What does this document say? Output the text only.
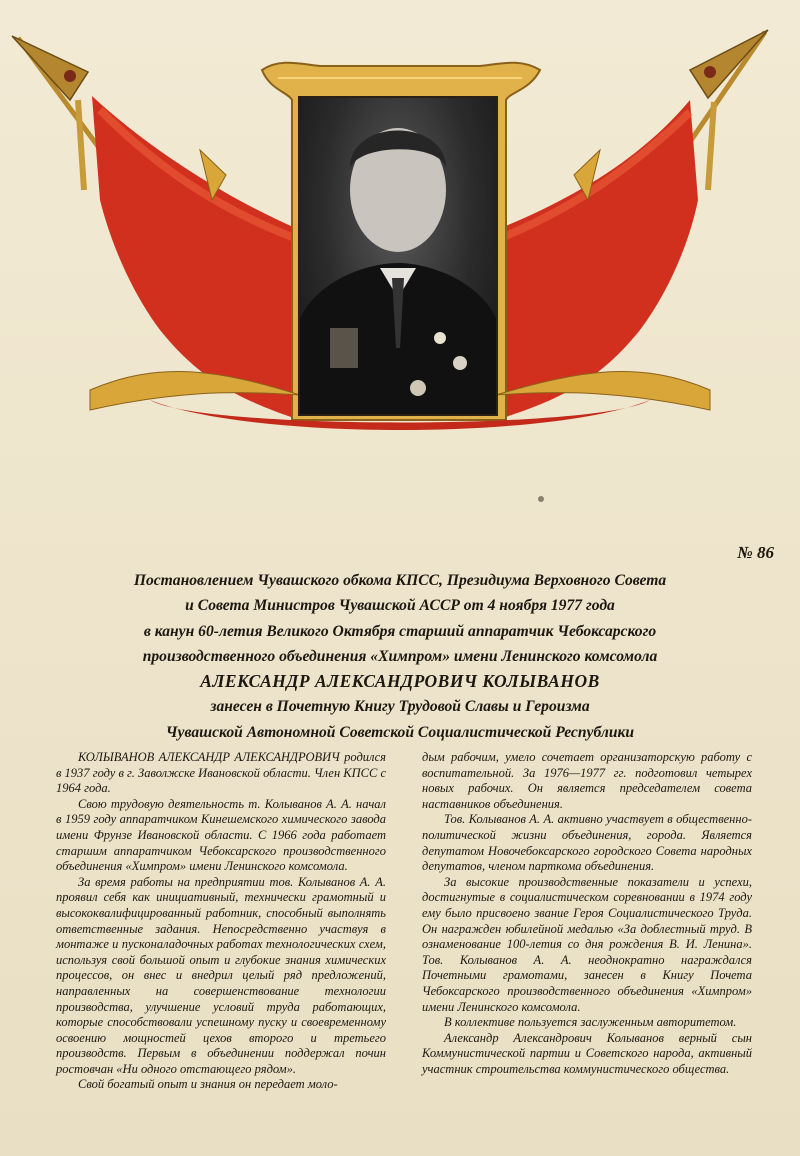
№ 86
Постановлением Чувашского обкома КПСС, Президиума Верховного Совета
и Совета Министров Чувашской АССР от 4 ноября 1977 года
в канун 60-летия Великого Октября старший аппаратчик Чебоксарского
производственного объединения «Химпром» имени Ленинского комсомола
АЛЕКСАНДР АЛЕКСАНДРОВИЧ КОЛЫВАНОВ
занесен в Почетную Книгу Трудовой Славы и Героизма
Чувашской Автономной Советской Социалистической Республики

КОЛЫВАНОВ АЛЕКСАНДР АЛЕКСАНДРОВИЧ родился в 1937 году в г. Заволжске Ивановской области. Член КПСС с 1964 года.

Свою трудовую деятельность т. Колыванов А. А. начал в 1959 году аппаратчиком Кинешемского химического завода имени Фрунзе Ивановской области. С 1966 года работает старшим аппаратчиком Чебоксарского производственного объединения «Химпром» имени Ленинского комсомола.

За время работы на предприятии тов. Колыванов А. А. проявил себя как инициативный, технически грамотный и высококвалифицированный работник, способный выполнять ответственные задания. Непосредственно участвуя в монтаже и пусконаладочных работах технологических схем, используя свой большой опыт и глубокие знания химических процессов, он внес и внедрил целый ряд предложений, направленных на совершенствование технологии производства, улучшение условий труда работающих, которые способствовали успешному пуску и своевременному освоению мощностей цехов второго и третьего производств. Первым в объединении поддержал почин ростовчан «Ни одного отстающего рядом».

Свой богатый опыт и знания он передает моло-

дым рабочим, умело сочетает организаторскую работу с воспитательной. За 1976—1977 гг. подготовил четырех новых рабочих. Он является председателем совета наставников объединения.

Тов. Колыванов А. А. активно участвует в общественно-политической жизни объединения, города. Является депутатом Новочебоксарского городского Совета народных депутатов, членом парткома объединения.

За высокие производственные показатели и успехи, достигнутые в социалистическом соревновании в 1974 году ему было присвоено звание Героя Социалистического Труда. Он награжден юбилейной медалью «За доблестный труд. В ознаменование 100-летия со дня рождения В. И. Ленина». Тов. Колыванов А. А. неоднократно награждался Почетными грамотами, занесен в Книгу Почета Чебоксарского производственного объединения «Химпром» имени Ленинского комсомола.

В коллективе пользуется заслуженным авторитетом.

Александр Александрович Колыванов верный сын Коммунистической партии и Советского народа, активный участник строительства коммунистического общества.
